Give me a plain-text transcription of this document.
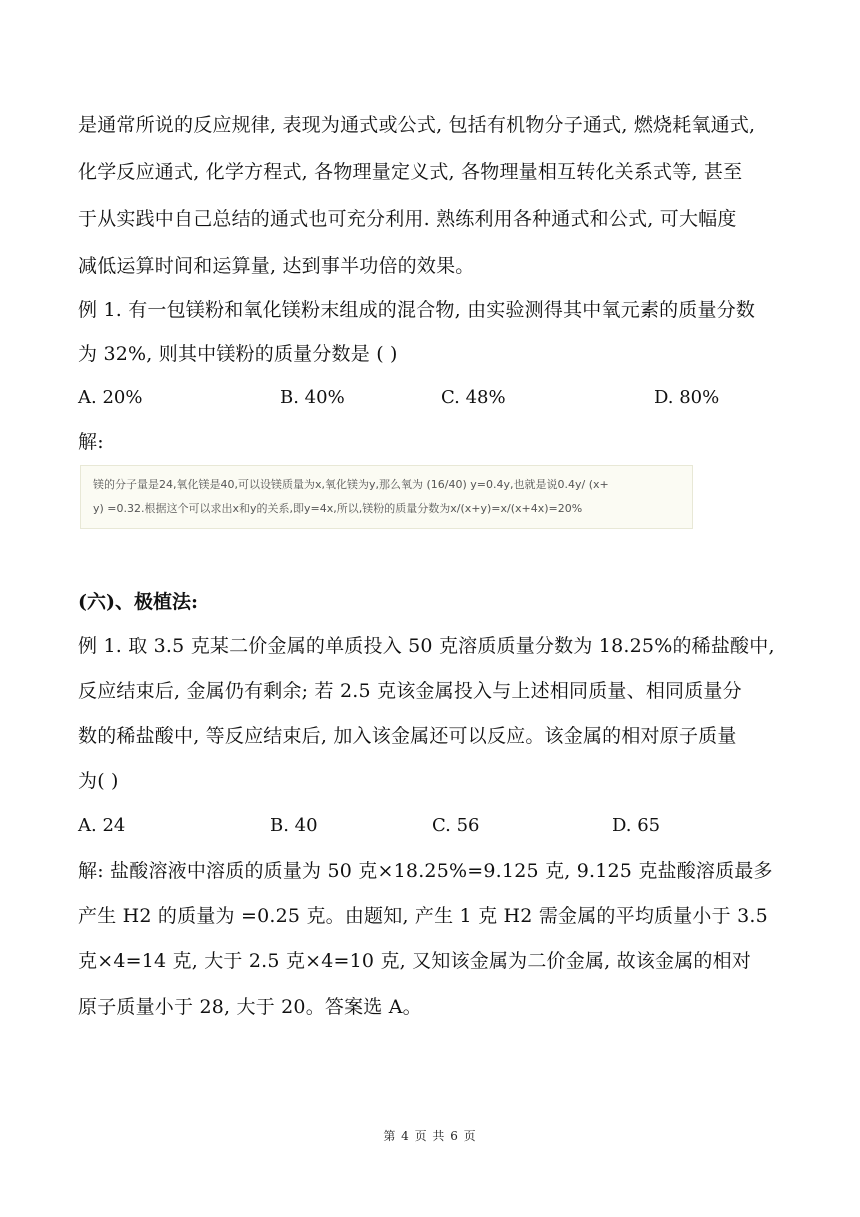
是通常所说的反应规律, 表现为通式或公式, 包括有机物分子通式, 燃烧耗氧通式,
化学反应通式, 化学方程式, 各物理量定义式, 各物理量相互转化关系式等, 甚至
于从实践中自己总结的通式也可充分利用. 熟练利用各种通式和公式, 可大幅度
减低运算时间和运算量, 达到事半功倍的效果。
例 1. 有一包镁粉和氧化镁粉末组成的混合物, 由实验测得其中氧元素的质量分数
为 32%, 则其中镁粉的质量分数是 ( )
A. 20%	B. 40%	C. 48%	D. 80%
解:
镁的分子量是24,氧化镁是40,可以设镁质量为x,氧化镁为y,那么氧为 (16/40) y=0.4y,也就是说0.4y/ (x+
y) =0.32.根据这个可以求出x和y的关系,即y=4x,所以,镁粉的质量分数为x/(x+y)=x/(x+4x)=20%
(六)、极植法:
例 1. 取 3.5 克某二价金属的单质投入 50 克溶质质量分数为 18.25%的稀盐酸中,
反应结束后, 金属仍有剩余; 若 2.5 克该金属投入与上述相同质量、相同质量分
数的稀盐酸中, 等反应结束后, 加入该金属还可以反应。该金属的相对原子质量
为( )
A. 24	B. 40	C. 56	D. 65
解: 盐酸溶液中溶质的质量为 50 克×18.25%=9.125 克, 9.125 克盐酸溶质最多
产生 H2 的质量为 =0.25 克。由题知, 产生 1 克 H2 需金属的平均质量小于 3.5
克×4=14 克, 大于 2.5 克×4=10 克, 又知该金属为二价金属, 故该金属的相对
原子质量小于 28, 大于 20。答案选 A。
第 4 页 共 6 页
